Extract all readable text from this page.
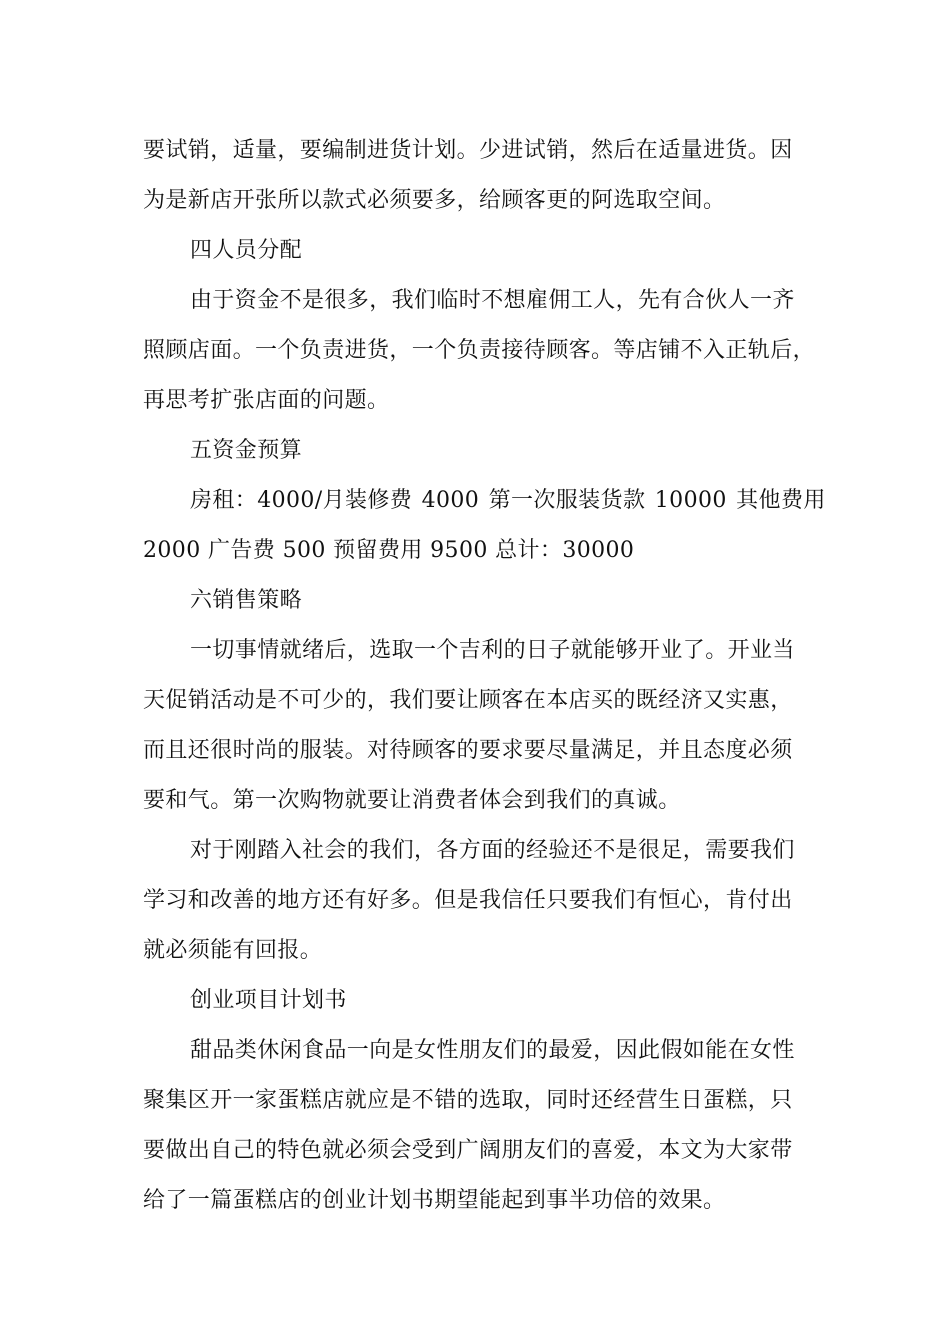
要试销，适量，要编制进货计划。少进试销，然后在适量进货。因
为是新店开张所以款式必须要多，给顾客更的阿选取空间。
四人员分配
由于资金不是很多，我们临时不想雇佣工人，先有合伙人一齐
照顾店面。一个负责进货，一个负责接待顾客。等店铺不入正轨后，
再思考扩张店面的问题。
五资金预算
房租：4000/月装修费 4000 第一次服装货款 10000 其他费用
2000 广告费 500 预留费用 9500 总计：30000
六销售策略
一切事情就绪后，选取一个吉利的日子就能够开业了。开业当
天促销活动是不可少的，我们要让顾客在本店买的既经济又实惠，
而且还很时尚的服装。对待顾客的要求要尽量满足，并且态度必须
要和气。第一次购物就要让消费者体会到我们的真诚。
对于刚踏入社会的我们，各方面的经验还不是很足，需要我们
学习和改善的地方还有好多。但是我信任只要我们有恒心，肯付出
就必须能有回报。
创业项目计划书
甜品类休闲食品一向是女性朋友们的最爱，因此假如能在女性
聚集区开一家蛋糕店就应是不错的选取，同时还经营生日蛋糕，只
要做出自己的特色就必须会受到广阔朋友们的喜爱，本文为大家带
给了一篇蛋糕店的创业计划书期望能起到事半功倍的效果。
